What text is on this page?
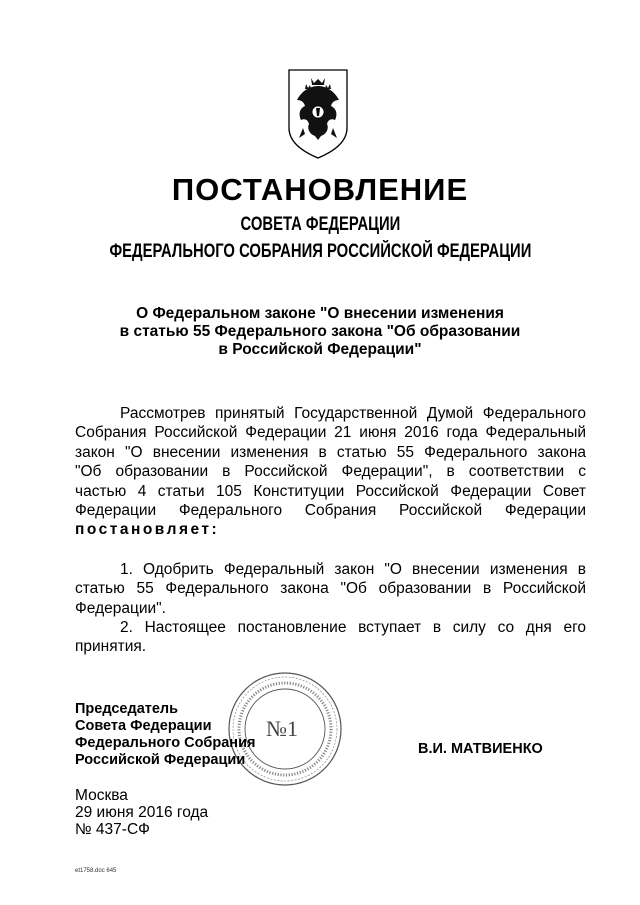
ПОСТАНОВЛЕНИЕ
СОВЕТА ФЕДЕРАЦИИ
ФЕДЕРАЛЬНОГО СОБРАНИЯ РОССИЙСКОЙ ФЕДЕРАЦИИ
О Федеральном законе "О внесении изменения
в статью 55 Федерального закона "Об образовании
в Российской Федерации"
Рассмотрев принятый Государственной Думой Федерального
Собрания Российской Федерации 21 июня 2016 года Федеральный
закон "О внесении изменения в статью 55 Федерального закона
"Об образовании в Российской Федерации", в соответствии с
частью 4 статьи 105 Конституции Российской Федерации Совет
Федерации Федерального Собрания Российской Федерации
постановляет:
1. Одобрить Федеральный закон "О внесении изменения в
статью 55 Федерального закона "Об образовании в Российской
Федерации".
2. Настоящее постановление вступает в силу со дня его
принятия.
№1
Председатель
Совета Федерации
Федерального Собрания
Российской Федерации
В.И. МАТВИЕНКО
Москва
29 июня 2016 года
№ 437-СФ
et1758.doc 645
